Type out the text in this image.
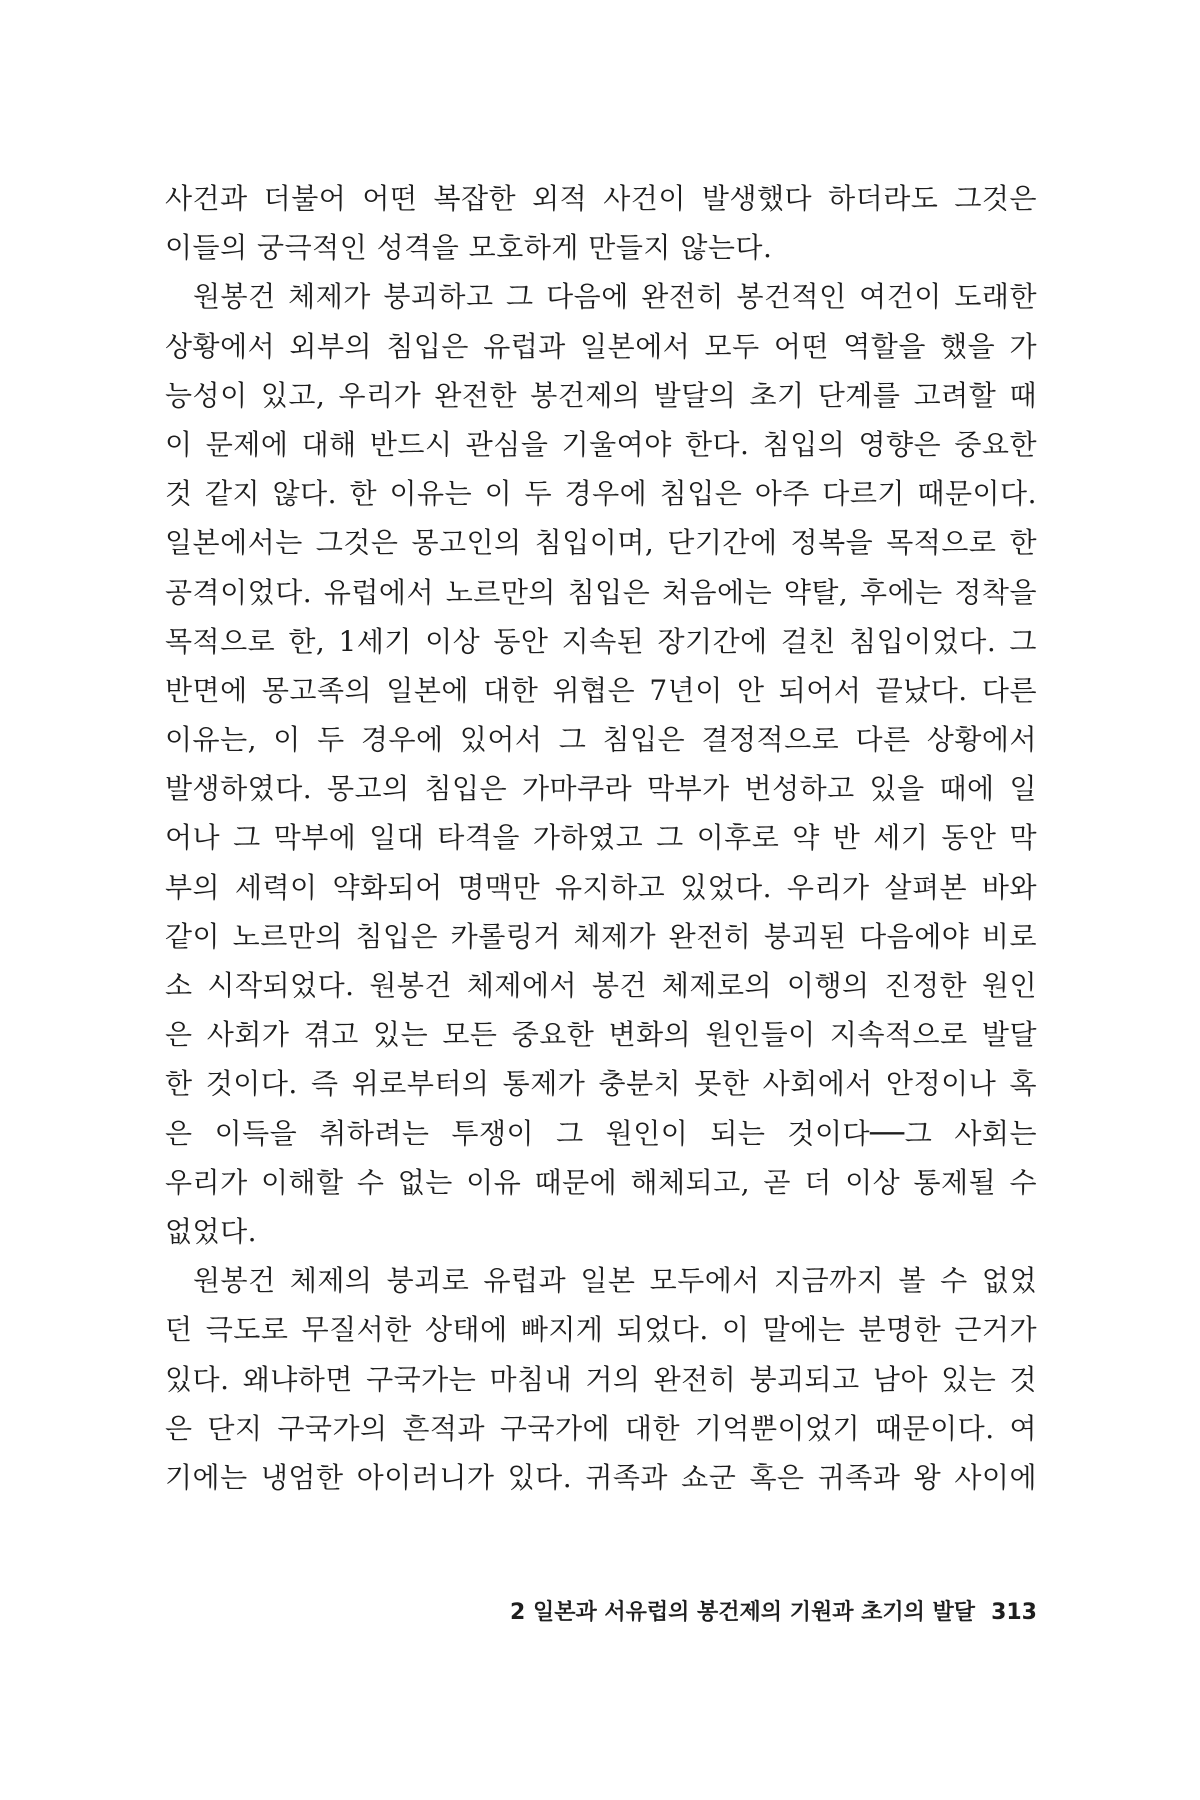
사건과 더불어 어떤 복잡한 외적 사건이 발생했다 하더라도 그것은
이들의 궁극적인 성격을 모호하게 만들지 않는다.
원봉건 체제가 붕괴하고 그 다음에 완전히 봉건적인 여건이 도래한
상황에서 외부의 침입은 유럽과 일본에서 모두 어떤 역할을 했을 가
능성이 있고, 우리가 완전한 봉건제의 발달의 초기 단계를 고려할 때
이 문제에 대해 반드시 관심을 기울여야 한다. 침입의 영향은 중요한
것 같지 않다. 한 이유는 이 두 경우에 침입은 아주 다르기 때문이다.
일본에서는 그것은 몽고인의 침입이며, 단기간에 정복을 목적으로 한
공격이었다. 유럽에서 노르만의 침입은 처음에는 약탈, 후에는 정착을
목적으로 한, 1세기 이상 동안 지속된 장기간에 걸친 침입이었다. 그
반면에 몽고족의 일본에 대한 위협은 7년이 안 되어서 끝났다. 다른
이유는, 이 두 경우에 있어서 그 침입은 결정적으로 다른 상황에서
발생하였다. 몽고의 침입은 가마쿠라 막부가 번성하고 있을 때에 일
어나 그 막부에 일대 타격을 가하였고 그 이후로 약 반 세기 동안 막
부의 세력이 약화되어 명맥만 유지하고 있었다. 우리가 살펴본 바와
같이 노르만의 침입은 카롤링거 체제가 완전히 붕괴된 다음에야 비로
소 시작되었다. 원봉건 체제에서 봉건 체제로의 이행의 진정한 원인
은 사회가 겪고 있는 모든 중요한 변화의 원인들이 지속적으로 발달
한 것이다. 즉 위로부터의 통제가 충분치 못한 사회에서 안정이나 혹
은 이득을 취하려는 투쟁이 그 원인이 되는 것이다──그 사회는
우리가 이해할 수 없는 이유 때문에 해체되고, 곧 더 이상 통제될 수
없었다.
원봉건 체제의 붕괴로 유럽과 일본 모두에서 지금까지 볼 수 없었
던 극도로 무질서한 상태에 빠지게 되었다. 이 말에는 분명한 근거가
있다. 왜냐하면 구국가는 마침내 거의 완전히 붕괴되고 남아 있는 것
은 단지 구국가의 흔적과 구국가에 대한 기억뿐이었기 때문이다. 여
기에는 냉엄한 아이러니가 있다. 귀족과 쇼군 혹은 귀족과 왕 사이에
2 일본과 서유럽의 봉건제의 기원과 초기의 발달 313
